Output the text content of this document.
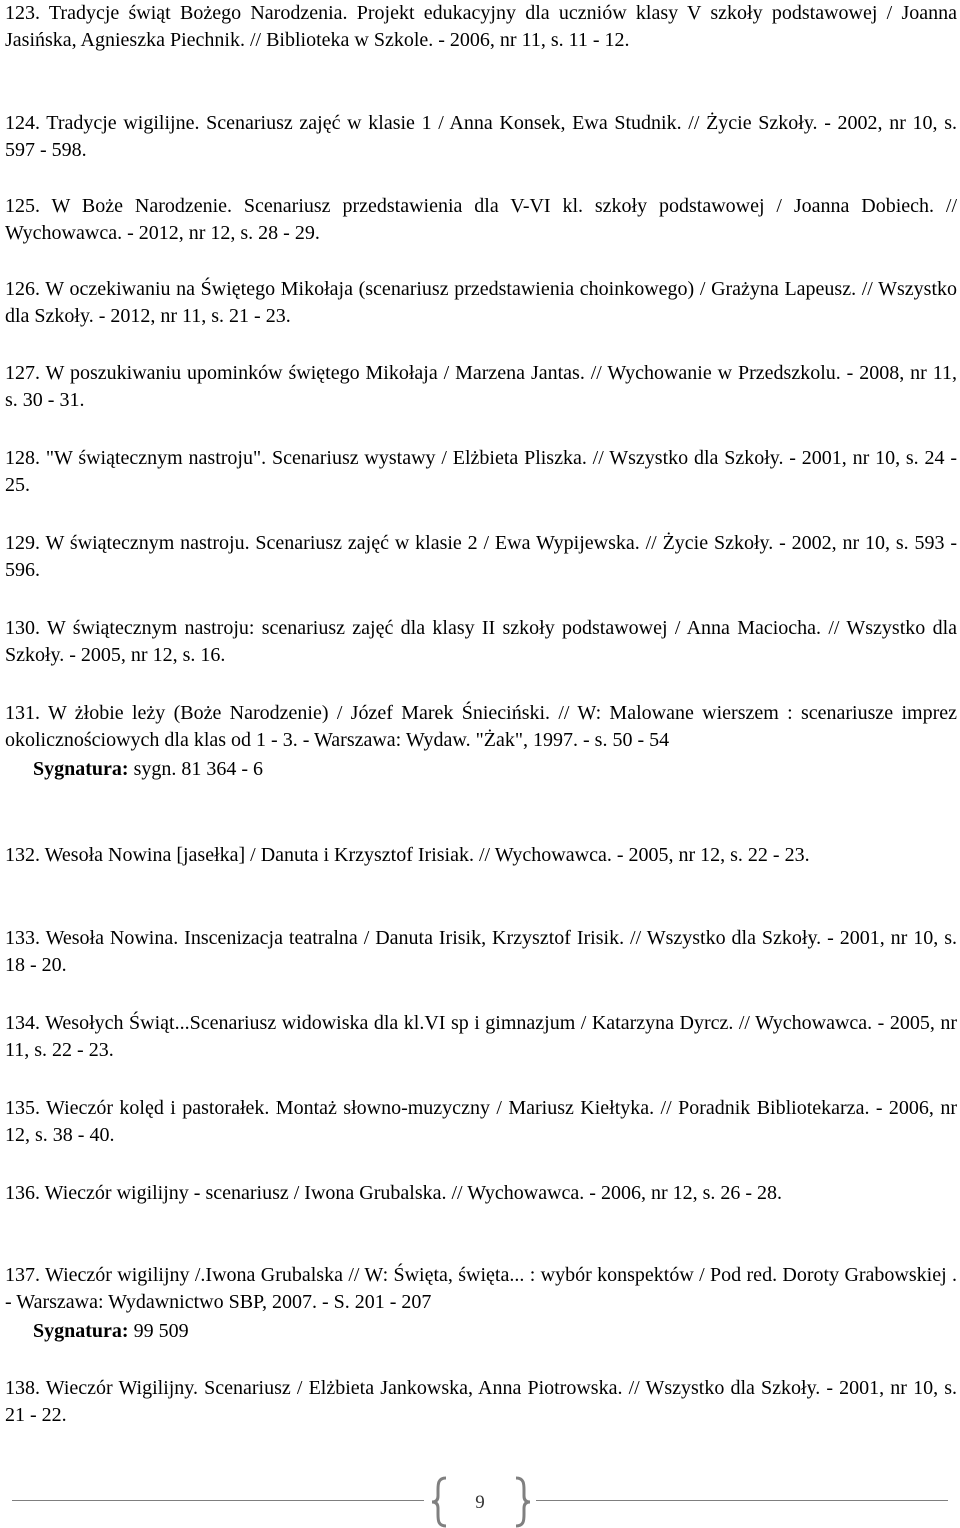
123. Tradycje świąt Bożego Narodzenia. Projekt edukacyjny dla uczniów klasy V szkoły podstawowej / Joanna Jasińska, Agnieszka Piechnik. // Biblioteka w Szkole. - 2006, nr 11, s. 11 - 12.
124. Tradycje wigilijne. Scenariusz zajęć w klasie 1 / Anna Konsek, Ewa Studnik. // Życie Szkoły. - 2002, nr 10, s. 597 - 598.
125. W Boże Narodzenie. Scenariusz przedstawienia dla V-VI kl. szkoły podstawowej / Joanna Dobiech. // Wychowawca. - 2012, nr 12, s. 28 - 29.
126. W oczekiwaniu na Świętego Mikołaja (scenariusz przedstawienia choinkowego) / Grażyna Lapeusz. // Wszystko dla Szkoły. - 2012, nr 11, s. 21 - 23.
127. W poszukiwaniu upominków świętego Mikołaja / Marzena Jantas. // Wychowanie w Przedszkolu. - 2008, nr 11, s. 30 - 31.
128. "W świątecznym nastroju". Scenariusz wystawy / Elżbieta Pliszka. // Wszystko dla Szkoły. - 2001, nr 10, s. 24 - 25.
129. W świątecznym nastroju. Scenariusz zajęć w klasie 2 / Ewa Wypijewska. // Życie Szkoły. - 2002, nr 10, s. 593 - 596.
130. W świątecznym nastroju: scenariusz zajęć dla klasy II szkoły podstawowej / Anna Maciocha. // Wszystko dla Szkoły. - 2005, nr 12, s. 16.
131. W żłobie leży (Boże Narodzenie) / Józef Marek Śnieciński. // W: Malowane wierszem : scenariusze imprez okolicznościowych dla klas od 1 - 3. - Warszawa: Wydaw. "Żak", 1997. - s. 50 - 54
Sygnatura: sygn. 81 364 - 6
132. Wesoła Nowina [jasełka] / Danuta i Krzysztof Irisiak. // Wychowawca. - 2005, nr 12, s. 22 - 23.
133. Wesoła Nowina. Inscenizacja teatralna / Danuta Irisik, Krzysztof Irisik. // Wszystko dla Szkoły. - 2001, nr 10, s. 18 - 20.
134. Wesołych Świąt...Scenariusz widowiska dla kl.VI sp i gimnazjum / Katarzyna Dyrcz. // Wychowawca. - 2005, nr 11, s. 22 - 23.
135. Wieczór kolęd i pastorałek. Montaż słowno-muzyczny / Mariusz Kiełtyka. // Poradnik Bibliotekarza. - 2006, nr 12, s. 38 - 40.
136. Wieczór wigilijny - scenariusz / Iwona Grubalska. // Wychowawca. - 2006, nr 12, s. 26 - 28.
137. Wieczór wigilijny /.Iwona Grubalska // W: Święta, święta... : wybór konspektów / Pod red. Doroty Grabowskiej . - Warszawa: Wydawnictwo SBP, 2007. - S. 201 - 207
Sygnatura: 99 509
138. Wieczór Wigilijny. Scenariusz / Elżbieta Jankowska, Anna Piotrowska. // Wszystko dla Szkoły. - 2001, nr 10, s. 21 - 22.
9
